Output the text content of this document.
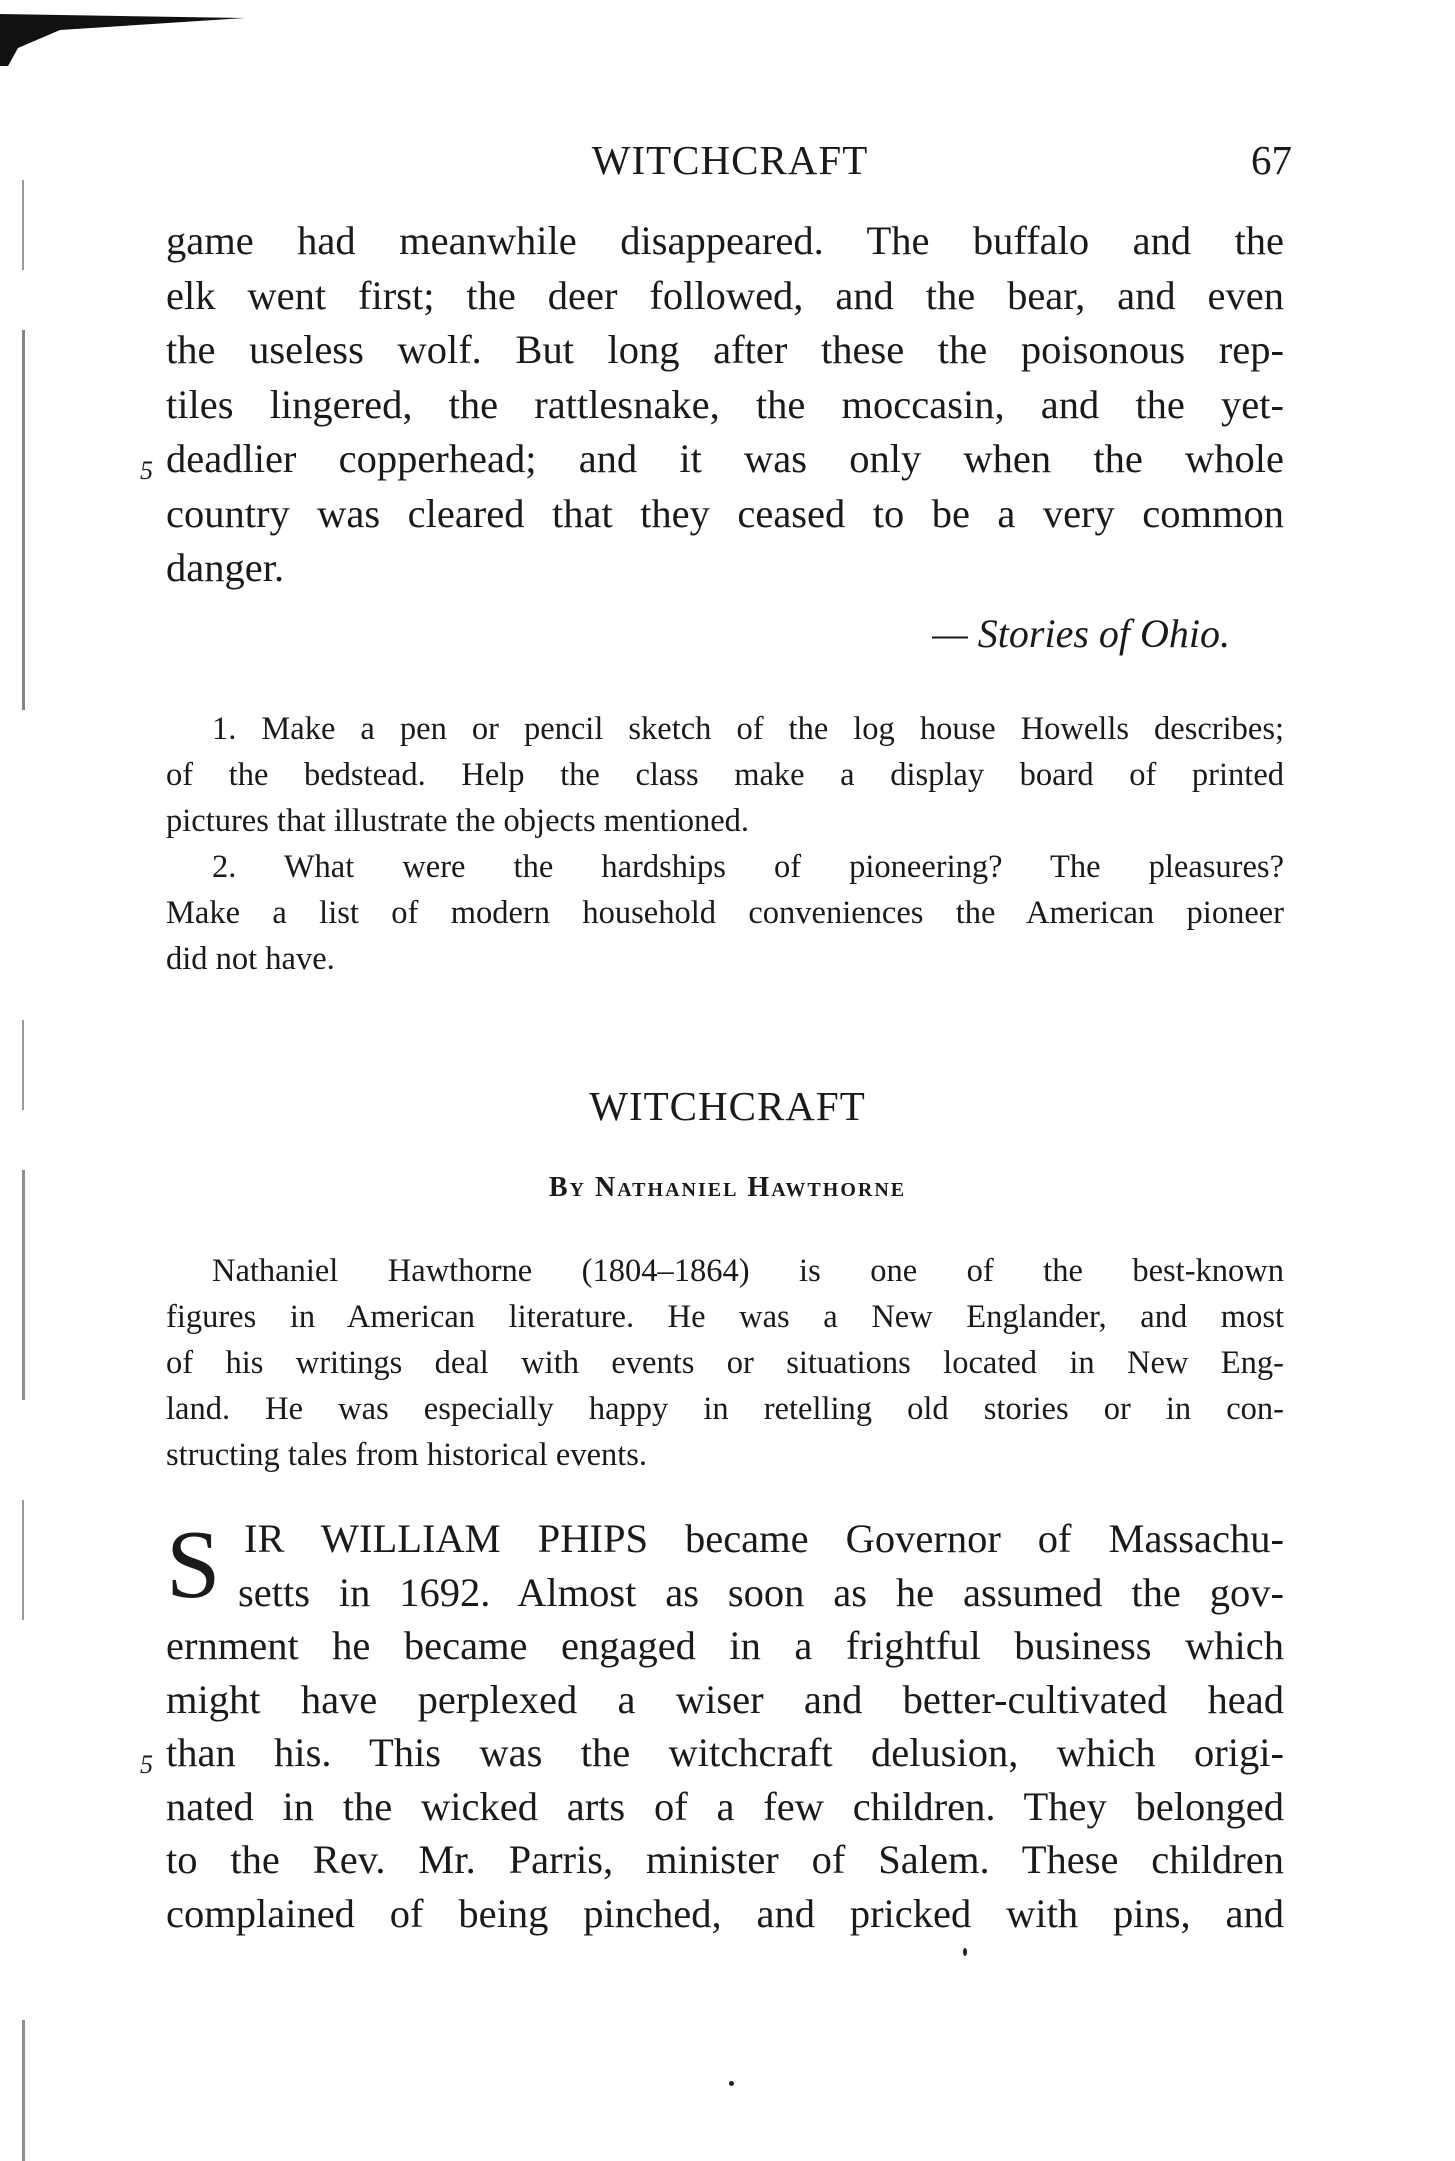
WITCHCRAFT	67
game had meanwhile disappeared. The buffalo and the
elk went first; the deer followed, and the bear, and even
the useless wolf. But long after these the poisonous rep-
tiles lingered, the rattlesnake, the moccasin, and the yet-
5 deadlier copperhead; and it was only when the whole
country was cleared that they ceased to be a very common
danger.
— Stories of Ohio.
1. Make a pen or pencil sketch of the log house Howells describes;
of the bedstead. Help the class make a display board of printed
pictures that illustrate the objects mentioned.
2. What were the hardships of pioneering? The pleasures?
Make a list of modern household conveniences the American pioneer
did not have.
WITCHCRAFT
By Nathaniel Hawthorne
Nathaniel Hawthorne (1804–1864) is one of the best-known
figures in American literature. He was a New Englander, and most
of his writings deal with events or situations located in New Eng-
land. He was especially happy in retelling old stories or in con-
structing tales from historical events.
S IR WILLIAM PHIPS became Governor of Massachu-
setts in 1692. Almost as soon as he assumed the gov-
ernment he became engaged in a frightful business which
might have perplexed a wiser and better-cultivated head
5 than his. This was the witchcraft delusion, which origi-
nated in the wicked arts of a few children. They belonged
to the Rev. Mr. Parris, minister of Salem. These children
complained of being pinched, and pricked with pins, and
